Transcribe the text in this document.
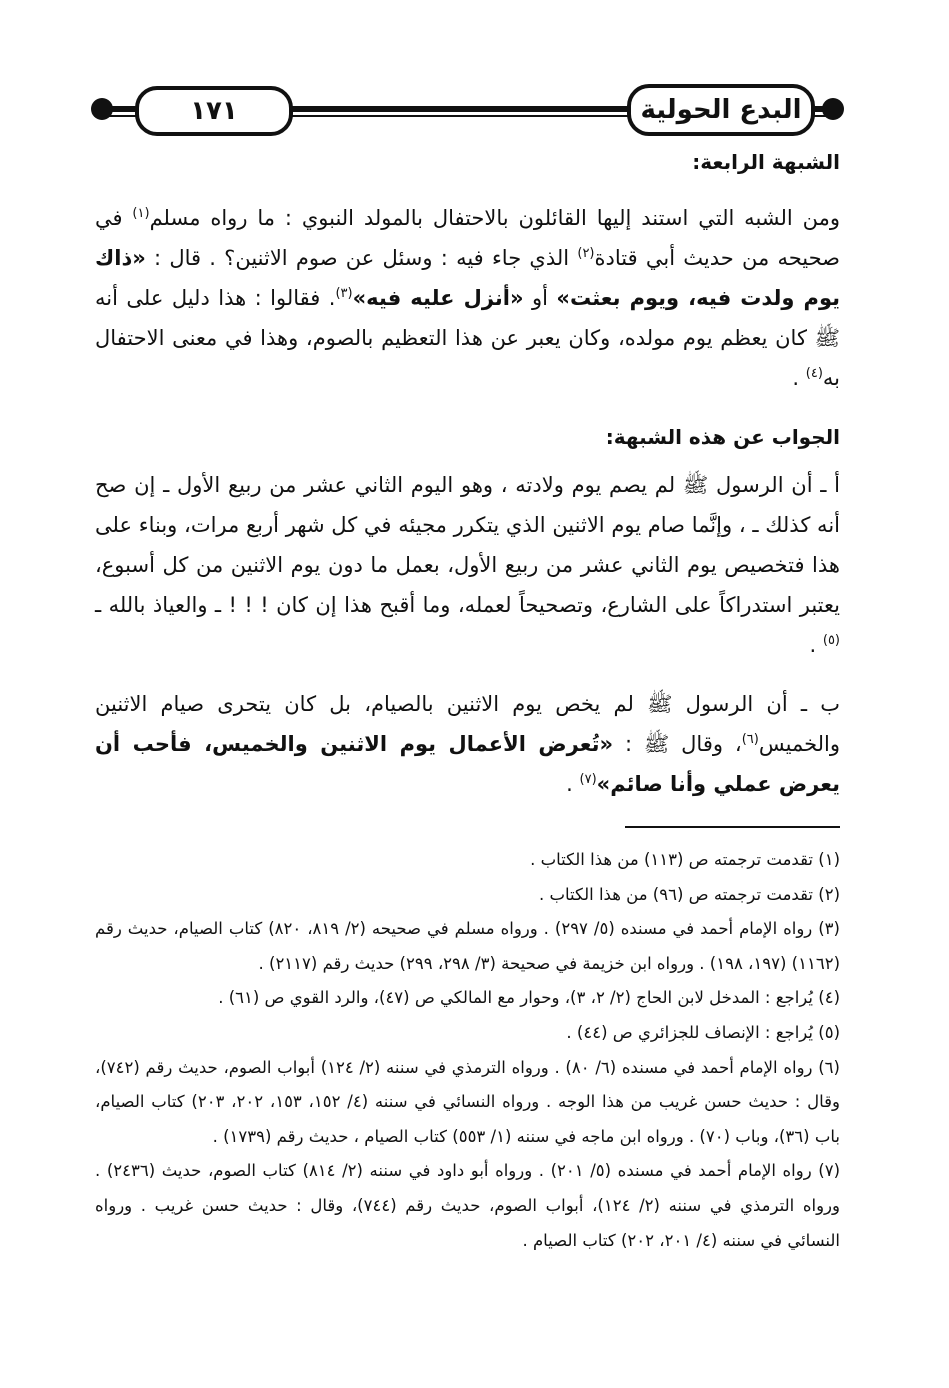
١٧١	البدع الحولية
الشبهة الرابعة:

ومن الشبه التي استند إليها القائلون بالاحتفال بالمولد النبوي : ما رواه مسلم$^{(١)}$ في صحيحه من حديث أبي قتادة$^{(٢)}$ الذي جاء فيه : وسئل عن صوم الاثنين؟ . قال : «ذاك يوم ولدت فيه، ويوم بعثت» أو «أنزل عليه فيه»$^{(٣)}$. فقالوا : هذا دليل على أنه ﷺ كان يعظم يوم مولده، وكان يعبر عن هذا التعظيم بالصوم، وهذا في معنى الاحتفال به$^{(٤)}$ .

الجواب عن هذه الشبهة:

أ ـ أن الرسول ﷺ لم يصم يوم ولادته ، وهو اليوم الثاني عشر من ربيع الأول ـ إن صح أنه كذلك ـ ، وإنَّما صام يوم الاثنين الذي يتكرر مجيئه في كل شهر أربع مرات، وبناء على هذا فتخصيص يوم الثاني عشر من ربيع الأول، بعمل ما دون يوم الاثنين من كل أسبوع، يعتبر استدراكاً على الشارع، وتصحيحاً لعمله، وما أقبح هذا إن كان ! ! ! ـ والعياذ بالله ـ $^{(٥)}$ .

ب ـ أن الرسول ﷺ لم يخص يوم الاثنين بالصيام، بل كان يتحرى صيام الاثنين والخميس$^{(٦)}$، وقال ﷺ : «تُعرض الأعمال يوم الاثنين والخميس، فأحب أن يعرض عملي وأنا صائم»$^{(٧)}$ .

(١) تقدمت ترجمته ص (١١٣) من هذا الكتاب .

(٢) تقدمت ترجمته ص (٩٦) من هذا الكتاب .

(٣) رواه الإمام أحمد في مسنده (٥/ ٢٩٧) . ورواه مسلم في صحيحه (٢/ ٨١٩، ٨٢٠) كتاب الصيام، حديث رقم (١١٦٢) (١٩٧، ١٩٨) . ورواه ابن خزيمة في صحيحة (٣/ ٢٩٨، ٢٩٩) حديث رقم (٢١١٧) .

(٤) يُراجع : المدخل لابن الحاج (٢/ ٢، ٣)، وحوار مع المالكي ص (٤٧)، والرد القوي ص (٦١) .

(٥) يُراجع : الإنصاف للجزائري ص (٤٤) .

(٦) رواه الإمام أحمد في مسنده (٦/ ٨٠) . ورواه الترمذي في سننه (٢/ ١٢٤) أبواب الصوم، حديث رقم (٧٤٢)، وقال : حديث حسن غريب من هذا الوجه . ورواه النسائي في سننه (٤/ ١٥٢، ١٥٣، ٢٠٢، ٢٠٣) كتاب الصيام، باب (٣٦)، وباب (٧٠) . ورواه ابن ماجه في سننه (١/ ٥٥٣) كتاب الصيام ، حديث رقم (١٧٣٩) .

(٧) رواه الإمام أحمد في مسنده (٥/ ٢٠١) . ورواه أبو داود في سننه (٢/ ٨١٤) كتاب الصوم، حديث (٢٤٣٦) . ورواه الترمذي في سننه (٢/ ١٢٤)، أبواب الصوم، حديث رقم (٧٤٤)، وقال : حديث حسن غريب . ورواه النسائي في سننه (٤/ ٢٠١، ٢٠٢) كتاب الصيام .
